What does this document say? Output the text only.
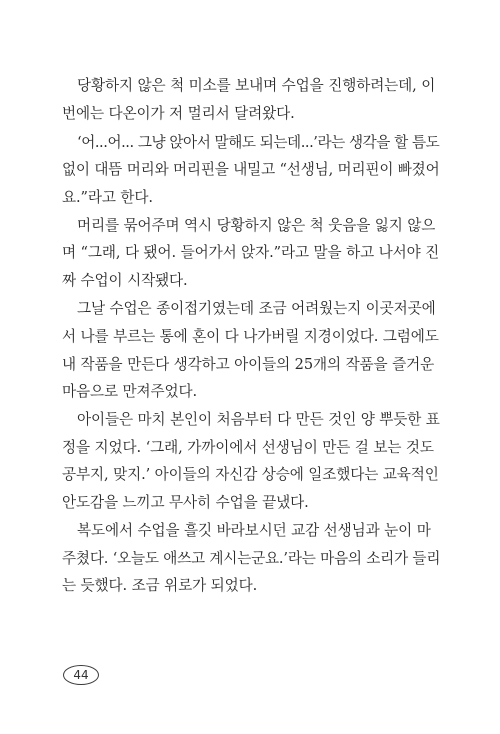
당황하지 않은 척 미소를 보내며 수업을 진행하려는데, 이
번에는 다온이가 저 멀리서 달려왔다.
‘어...어... 그냥 앉아서 말해도 되는데...’라는 생각을 할 틈도
없이 대뜸 머리와 머리핀을 내밀고 “선생님, 머리핀이 빠졌어
요.”라고 한다.
머리를 묶어주며 역시 당황하지 않은 척 웃음을 잃지 않으
며 “그래, 다 됐어. 들어가서 앉자.”라고 말을 하고 나서야 진
짜 수업이 시작됐다.
그날 수업은 종이접기였는데 조금 어려웠는지 이곳저곳에
서 나를 부르는 통에 혼이 다 나가버릴 지경이었다. 그럼에도
내 작품을 만든다 생각하고 아이들의 25개의 작품을 즐거운
마음으로 만져주었다.
아이들은 마치 본인이 처음부터 다 만든 것인 양 뿌듯한 표
정을 지었다. ‘그래, 가까이에서 선생님이 만든 걸 보는 것도
공부지, 맞지.’ 아이들의 자신감 상승에 일조했다는 교육적인
안도감을 느끼고 무사히 수업을 끝냈다.
복도에서 수업을 흘깃 바라보시던 교감 선생님과 눈이 마
주쳤다. ‘오늘도 애쓰고 계시는군요.’라는 마음의 소리가 들리
는 듯했다. 조금 위로가 되었다.
44
